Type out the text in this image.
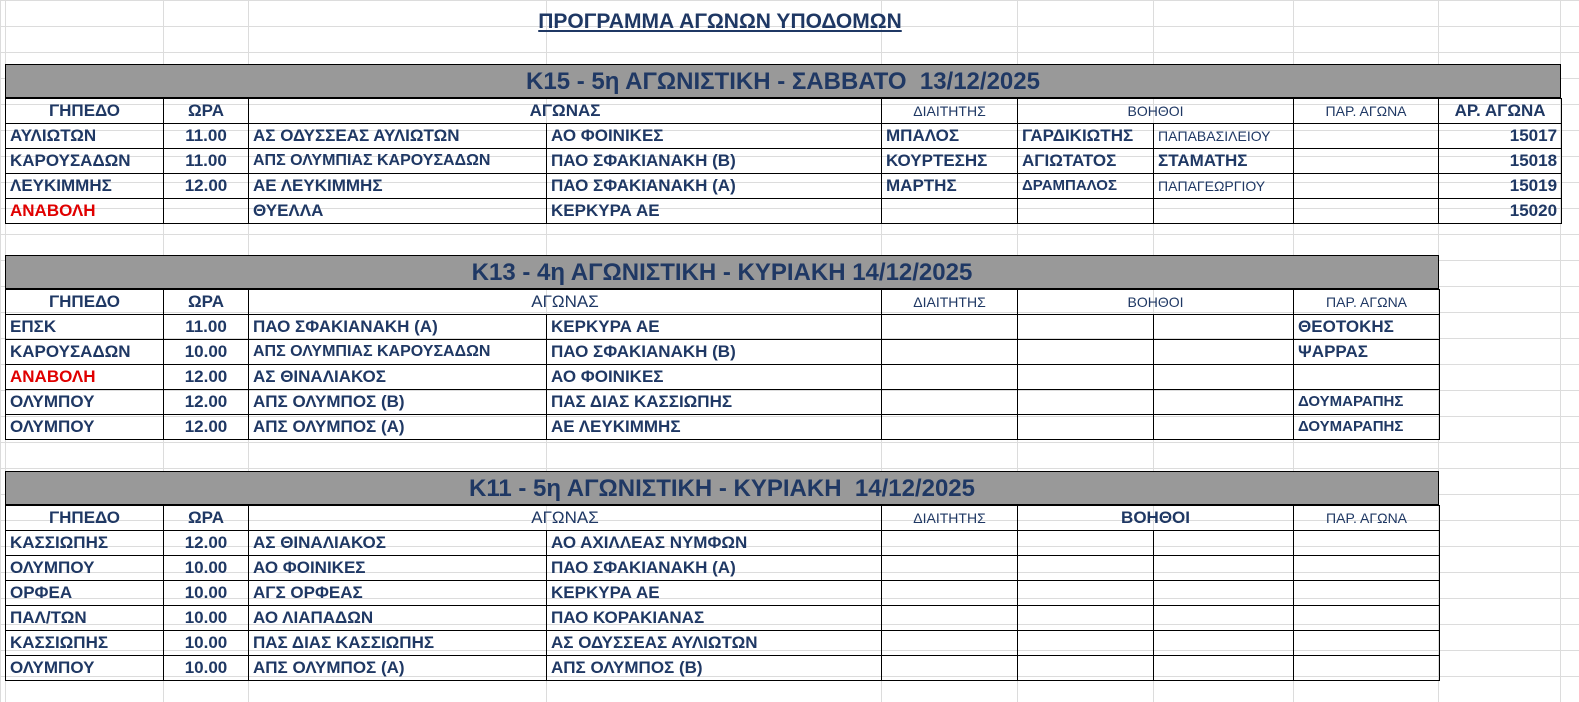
ΠΡΟΓΡΑΜΜΑ ΑΓΩΝΩΝ ΥΠΟΔΟΜΩΝ
Κ15 - 5η ΑΓΩΝΙΣΤΙΚΗ - ΣΑΒΒΑΤΟ  13/12/2025
ΓΗΠΕΔΟ	ΩΡΑ	ΑΓΩΝΑΣ		ΔΙΑΙΤΗΤΗΣ	ΒΟΗΘΟΙ		ΠΑΡ. ΑΓΩΝΑ	ΑΡ. ΑΓΩΝΑ
ΑΥΛΙΩΤΩΝ	11.00	ΑΣ ΟΔΥΣΣΕΑΣ ΑΥΛΙΩΤΩΝ	ΑΟ ΦΟΙΝΙΚΕΣ	ΜΠΑΛΟΣ	ΓΑΡΔΙΚΙΩΤΗΣ	ΠΑΠΑΒΑΣΙΛΕΙΟΥ		15017
ΚΑΡΟΥΣΑΔΩΝ	11.00	ΑΠΣ ΟΛΥΜΠΙΑΣ ΚΑΡΟΥΣΑΔΩΝ	ΠΑΟ ΣΦΑΚΙΑΝΑΚΗ (Β)	ΚΟΥΡΤΕΣΗΣ	ΑΓΙΩΤΑΤΟΣ	ΣΤΑΜΑΤΗΣ		15018
ΛΕΥΚΙΜΜΗΣ	12.00	ΑΕ ΛΕΥΚΙΜΜΗΣ	ΠΑΟ ΣΦΑΚΙΑΝΑΚΗ (Α)	ΜΑΡΤΗΣ	ΔΡΑΜΠΑΛΟΣ	ΠΑΠΑΓΕΩΡΓΙΟΥ		15019
ΑΝΑΒΟΛΗ		ΘΥΕΛΛΑ	ΚΕΡΚΥΡΑ ΑΕ					15020
Κ13 - 4η ΑΓΩΝΙΣΤΙΚΗ - ΚΥΡΙΑΚΗ 14/12/2025
ΓΗΠΕΔΟ	ΩΡΑ	ΑΓΩΝΑΣ		ΔΙΑΙΤΗΤΗΣ	ΒΟΗΘΟΙ		ΠΑΡ. ΑΓΩΝΑ
ΕΠΣΚ	11.00	ΠΑΟ ΣΦΑΚΙΑΝΑΚΗ (Α)	ΚΕΡΚΥΡΑ ΑΕ				ΘΕΟΤΟΚΗΣ
ΚΑΡΟΥΣΑΔΩΝ	10.00	ΑΠΣ ΟΛΥΜΠΙΑΣ ΚΑΡΟΥΣΑΔΩΝ	ΠΑΟ ΣΦΑΚΙΑΝΑΚΗ (Β)				ΨΑΡΡΑΣ
ΑΝΑΒΟΛΗ	12.00	ΑΣ ΘΙΝΑΛΙΑΚΟΣ	ΑΟ ΦΟΙΝΙΚΕΣ				
ΟΛΥΜΠΟΥ	12.00	ΑΠΣ ΟΛΥΜΠΟΣ (Β)	ΠΑΣ ΔΙΑΣ ΚΑΣΣΙΩΠΗΣ				ΔΟΥΜΑΡΑΠΗΣ
ΟΛΥΜΠΟΥ	12.00	ΑΠΣ ΟΛΥΜΠΟΣ (Α)	ΑΕ ΛΕΥΚΙΜΜΗΣ				ΔΟΥΜΑΡΑΠΗΣ
Κ11 - 5η ΑΓΩΝΙΣΤΙΚΗ - ΚΥΡΙΑΚΗ  14/12/2025
ΓΗΠΕΔΟ	ΩΡΑ	ΑΓΩΝΑΣ		ΔΙΑΙΤΗΤΗΣ	ΒΟΗΘΟΙ		ΠΑΡ. ΑΓΩΝΑ
ΚΑΣΣΙΩΠΗΣ	12.00	ΑΣ ΘΙΝΑΛΙΑΚΟΣ	ΑΟ ΑΧΙΛΛΕΑΣ ΝΥΜΦΩΝ				
ΟΛΥΜΠΟΥ	10.00	ΑΟ ΦΟΙΝΙΚΕΣ	ΠΑΟ ΣΦΑΚΙΑΝΑΚΗ (Α)				
ΟΡΦΕΑ	10.00	ΑΓΣ ΟΡΦΕΑΣ	ΚΕΡΚΥΡΑ ΑΕ				
ΠΑΛ/ΤΩΝ	10.00	ΑΟ ΛΙΑΠΑΔΩΝ	ΠΑΟ ΚΟΡΑΚΙΑΝΑΣ				
ΚΑΣΣΙΩΠΗΣ	10.00	ΠΑΣ ΔΙΑΣ ΚΑΣΣΙΩΠΗΣ	ΑΣ ΟΔΥΣΣΕΑΣ ΑΥΛΙΩΤΩΝ				
ΟΛΥΜΠΟΥ	10.00	ΑΠΣ ΟΛΥΜΠΟΣ (Α)	ΑΠΣ ΟΛΥΜΠΟΣ (Β)				
